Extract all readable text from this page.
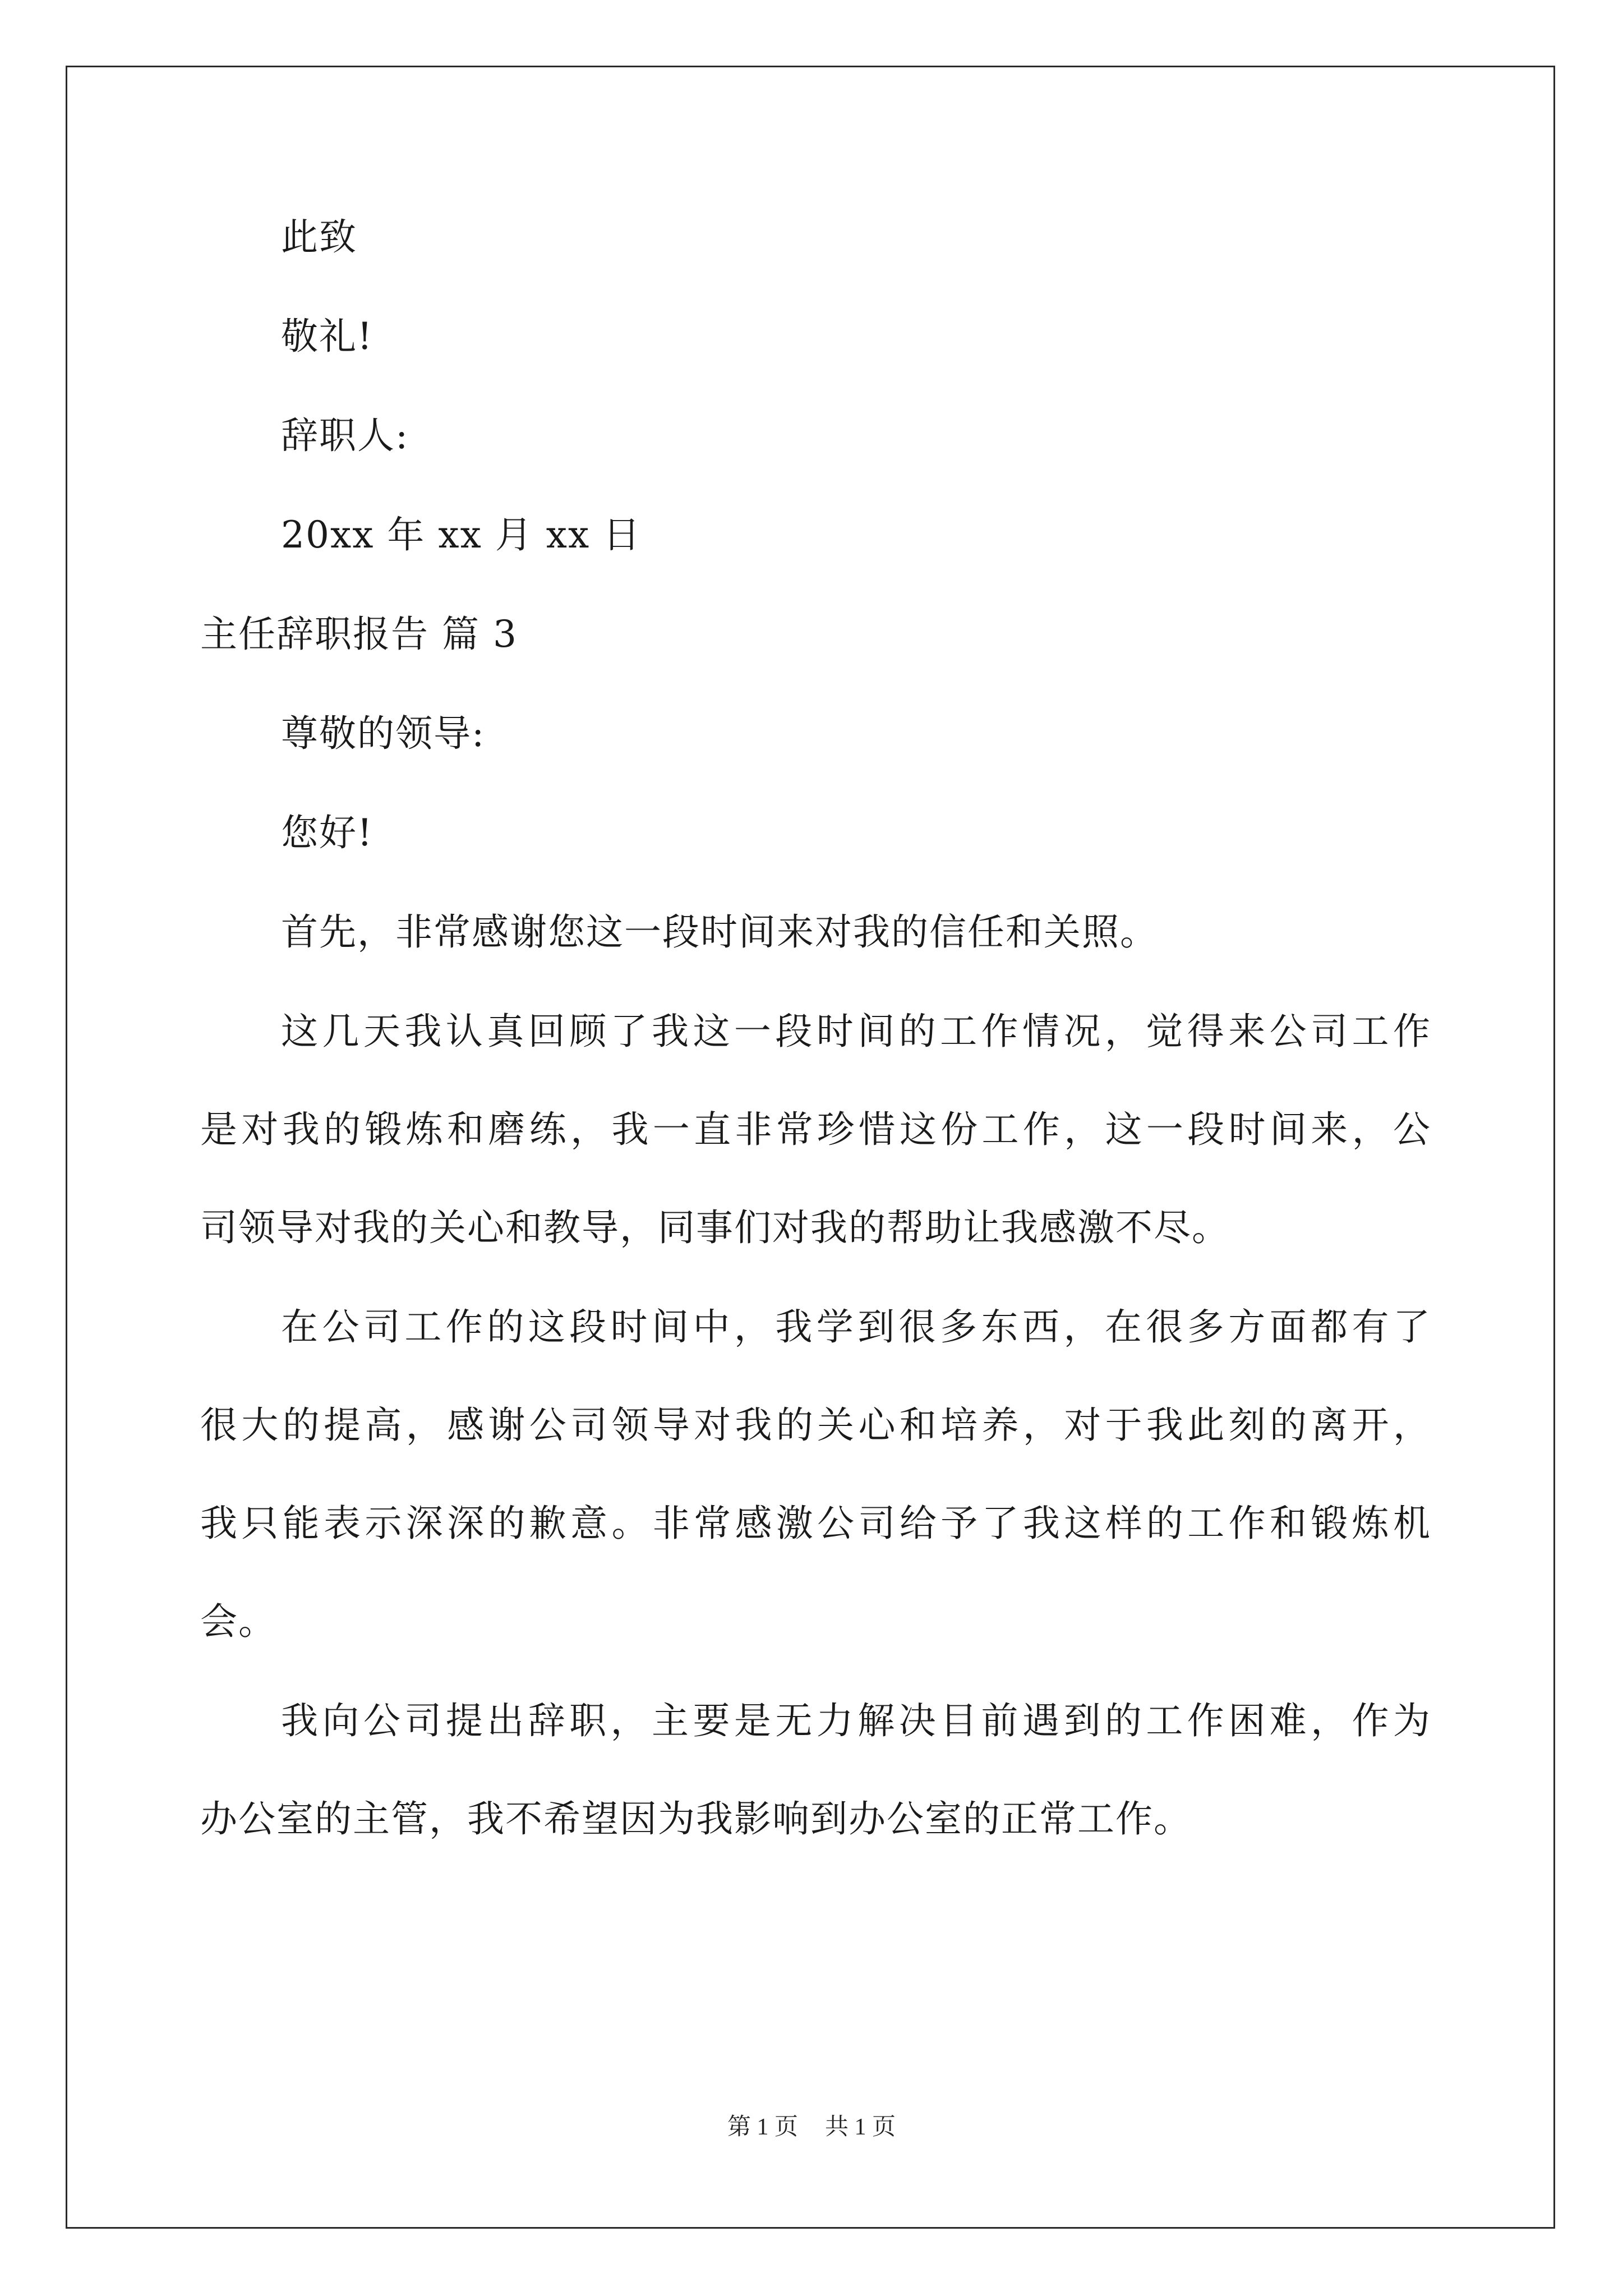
此致

敬礼!

辞职人:

20xx 年 xx 月 xx 日

主任辞职报告 篇 3

尊敬的领导:

您好!

首先，非常感谢您这一段时间来对我的信任和关照。

这几天我认真回顾了我这一段时间的工作情况，觉得来公司工作

是对我的锻炼和磨练，我一直非常珍惜这份工作，这一段时间来，公

司领导对我的关心和教导，同事们对我的帮助让我感激不尽。

在公司工作的这段时间中，我学到很多东西，在很多方面都有了

很大的提高，感谢公司领导对我的关心和培养，对于我此刻的离开，

我只能表示深深的歉意。非常感激公司给予了我这样的工作和锻炼机

会。

我向公司提出辞职，主要是无力解决目前遇到的工作困难，作为

办公室的主管，我不希望因为我影响到办公室的正常工作。

第 1 页 共 1 页
